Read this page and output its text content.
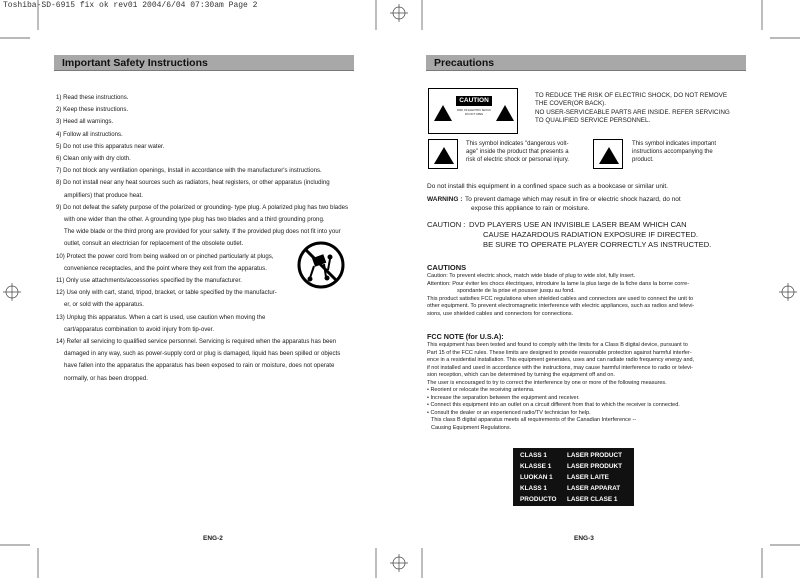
Toshiba-SD-6915 fix ok rev01 2004/6/04 07:30am Page 2
Important Safety Instructions
1) Read these instructions.
2) Keep these instructions.
3) Heed all warnings.
4) Follow all instructions.
5) Do not use this apparatus near water.
6) Clean only with dry cloth.
7) Do not block any ventilation openings, Install in accordance with the manufacturer's instructions.
8) Do not install near any heat sources such as radiators, heat registers, or other apparatus (including
amplifiers) that produce heat.
9) Do not defeat the safety purpose of the polarized or grounding- type plug. A polarized plug has two blades
with one wider than the other. A grounding type plug has two blades and a third grounding prong.
The wide blade or the third prong are provided for your safety. If the provided plug does not fit into your
outlet, consult an electrician for replacement of the obsolete outlet.
10) Protect the power cord from being walked on or pinched particularly at plugs,
convenience receptacles, and the point where they exit from the apparatus.
11) Only use attachments/accessories specified by the manufacturer.
12) Use only with cart, stand, tripod, bracket, or table specified by the manufactur-
er, or sold with the apparatus.
13) Unplug this apparatus. When a cart is used, use caution when moving the
cart/apparatus combination to avoid injury from tip-over.
14) Refer all servicing to qualified service personnel. Servicing is required when the apparatus has been
damaged in any way, such as power-supply cord or plug is damaged, liquid has been spilled or objects
have fallen into the apparatus the apparatus has been exposed to rain or moisture, does not operate
normally, or has been dropped.
ENG-2
Precautions
CAUTION
RISK OF ELECTRIC SHOCK DO NOT OPEN
TO REDUCE THE RISK OF ELECTRIC SHOCK, DO NOT REMOVE
THE COVER(OR BACK).
NO USER-SERVICEABLE PARTS ARE INSIDE. REFER SERVICING
TO QUALIFIED SERVICE PERSONNEL.
This symbol indicates "dangerous volt-
age" inside the product that presents a
risk of electric shock or personal injury.
This symbol indicates important
instructions accompanying the
product.
Do not install this equipment in a confined space such as a bookcase or similar unit.
WARNING : To prevent damage which may result in fire or electric shock hazard, do not
expose this appliance to rain or moisture.
CAUTION : DVD PLAYERS USE AN INVISIBLE LASER BEAM WHICH CAN
CAUSE HAZARDOUS RADIATION EXPOSURE IF DIRECTED.
BE SURE TO OPERATE PLAYER CORRECTLY AS INSTRUCTED.
CAUTIONS
Caution: To prevent electric shock, match wide blade of plug to wide slot, fully insert.
Attention: Pour éviter les chocs électriques, introduire la lame la plus large de la fiche dans la borne corre-
spondante de la prise et pousser jusqu au fond.
This product satisfies FCC regulations when shielded cables and connectors are used to connect the unit to
other equipment. To prevent electromagnetic interference with electric appliances, such as radios and televi-
sions, use shielded cables and connectors for connections.
FCC NOTE (for U.S.A):
This equipment has been tested and found to comply with the limits for a Class B digital device, pursuant to
Part 15 of the FCC rules. These limits are designed to provide reasonable protection against harmful interfer-
ence in a residential installation. This equipment generates, uses and can radiate radio frequency energy and,
if not installed and used in accordance with the instructions, may cause harmful interference to radio or televi-
sion reception, which can be determined by turning the equipment off and on.
The user is encouraged to try to correct the interference by one or more of the following measures.
• Reorient or relocate the receiving antenna.
• Increase the separation between the equipment and receiver.
• Connect this equipment into an outlet on a circuit different from that to which the receiver is connected.
• Consult the dealer or an experienced radio/TV technician for help.
This class B digital apparatus meets all requirements of the Canadian Interference --
Causing Equipment Regulations.
CLASS 1	LASER PRODUCT
KLASSE 1	LASER PRODUKT
LUOKAN 1	LASER LAITE
KLASS 1	LASER APPARAT
PRODUCTO	LASER CLASE 1
ENG-3
